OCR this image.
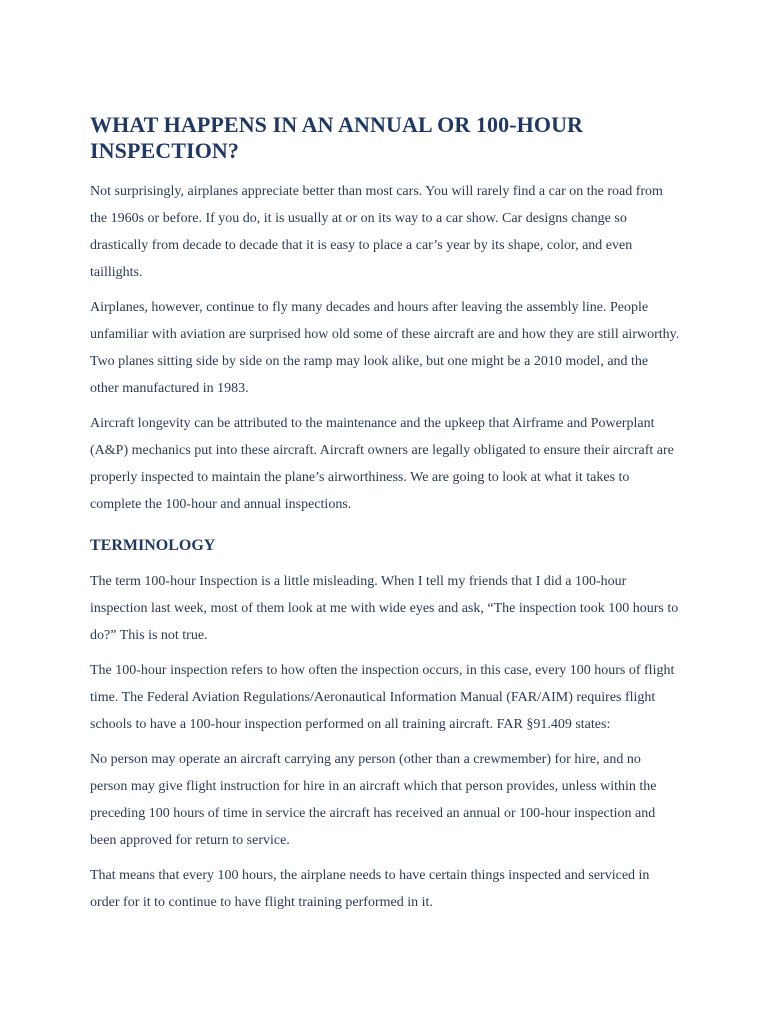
WHAT HAPPENS IN AN ANNUAL OR 100-HOUR INSPECTION?

Not surprisingly, airplanes appreciate better than most cars. You will rarely find a car on the road from the 1960s or before. If you do, it is usually at or on its way to a car show. Car designs change so drastically from decade to decade that it is easy to place a car’s year by its shape, color, and even taillights.

Airplanes, however, continue to fly many decades and hours after leaving the assembly line. People unfamiliar with aviation are surprised how old some of these aircraft are and how they are still airworthy. Two planes sitting side by side on the ramp may look alike, but one might be a 2010 model, and the other manufactured in 1983.

Aircraft longevity can be attributed to the maintenance and the upkeep that Airframe and Powerplant (A&P) mechanics put into these aircraft. Aircraft owners are legally obligated to ensure their aircraft are properly inspected to maintain the plane’s airworthiness. We are going to look at what it takes to complete the 100-hour and annual inspections.

TERMINOLOGY

The term 100-hour Inspection is a little misleading. When I tell my friends that I did a 100-hour inspection last week, most of them look at me with wide eyes and ask, “The inspection took 100 hours to do?” This is not true.

The 100-hour inspection refers to how often the inspection occurs, in this case, every 100 hours of flight time. The Federal Aviation Regulations/Aeronautical Information Manual (FAR/AIM) requires flight schools to have a 100-hour inspection performed on all training aircraft. FAR §91.409 states:

No person may operate an aircraft carrying any person (other than a crewmember) for hire, and no person may give flight instruction for hire in an aircraft which that person provides, unless within the preceding 100 hours of time in service the aircraft has received an annual or 100-hour inspection and been approved for return to service.

That means that every 100 hours, the airplane needs to have certain things inspected and serviced in order for it to continue to have flight training performed in it.
